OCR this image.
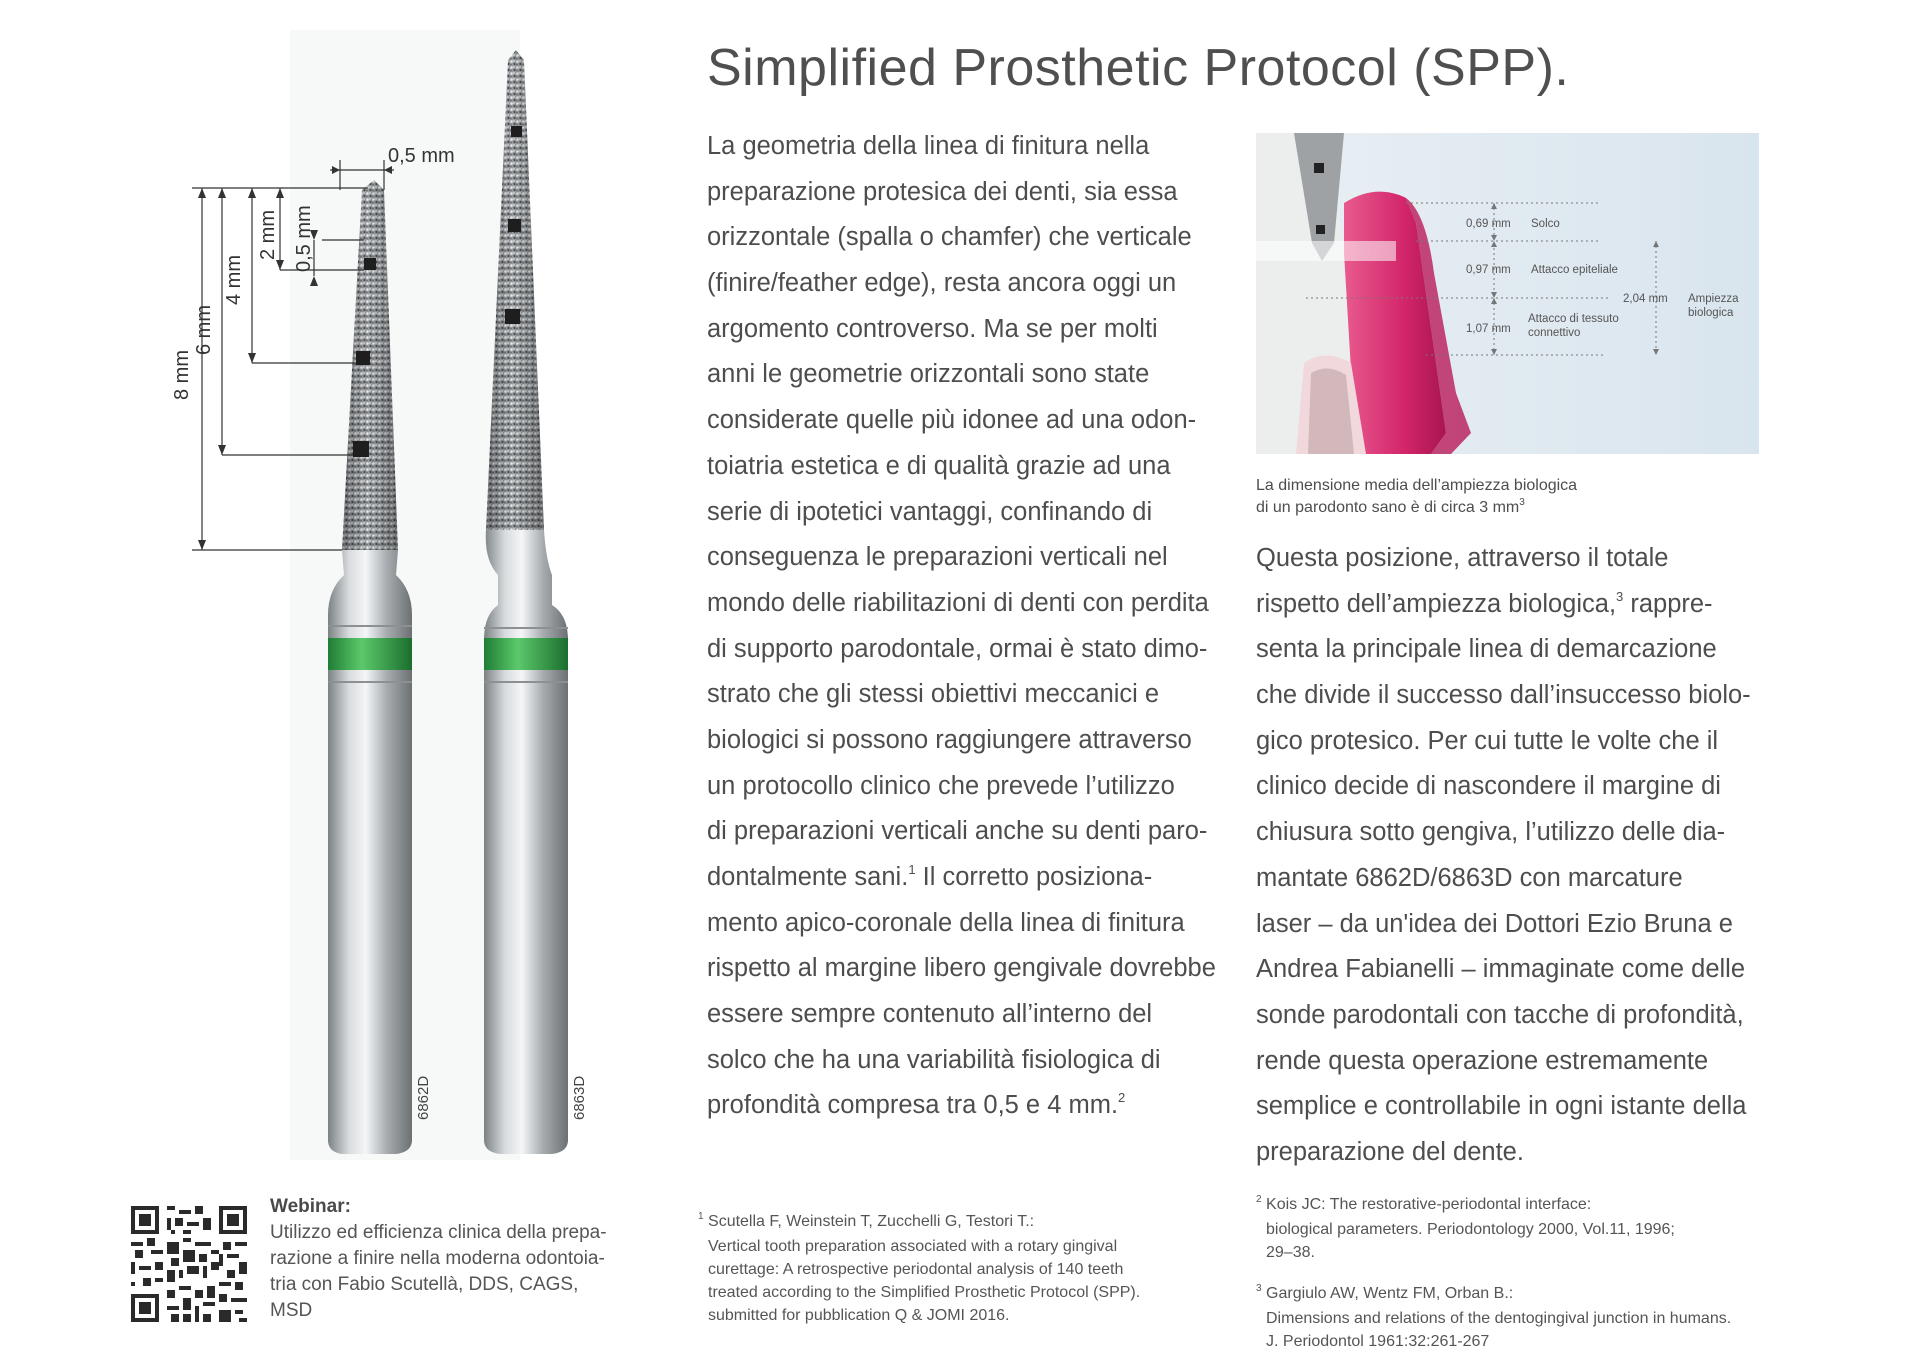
Simplified Prosthetic Protocol (SPP).
6862D	6863D
8 mm
6 mm
4 mm
2 mm 0,5 mm
0,5 mm	La geometria della linea di finitura nella
preparazione protesica dei denti, sia essa
orizzontale (spalla o chamfer) che verticale
(finire/feather edge), resta ancora oggi un
argomento controverso. Ma se per molti
anni le geometrie orizzontali sono state
considerate quelle più idonee ad una odon-
toiatria estetica e di qualità grazie ad una
serie di ipotetici vantaggi, confinando di
conseguenza le preparazioni verticali nel
mondo delle riabilitazioni di denti con perdita
di supporto parodontale, ormai è stato dimo-
strato che gli stessi obiettivi meccanici e
biologici si possono raggiungere attraverso
un protocollo clinico che prevede l’utilizzo
di preparazioni verticali anche su denti paro-
dontalmente sani.$^1$ Il corretto posiziona-
mento apico-coronale della linea di finitura
rispetto al margine libero gengivale dovrebbe
essere sempre contenuto all’interno del
solco che ha una variabilità fisiologica di
profondità compresa tra 0,5 e 4 mm.$^2$
0,69 mm Solco
0,97 mm Attacco epiteliale
1,07 mm
Attacco di tessuto
connettivo
2,04 mm Ampiezza
biologica
La dimensione media dell’ampiezza biologica
di un parodonto sano è di circa 3 mm$^3$
Questa posizione, attraverso il totale
rispetto dell’ampiezza biologica,$^3$ rappre-
senta la principale linea di demarcazione
che divide il successo dall’insuccesso biolo-
gico protesico. Per cui tutte le volte che il
clinico decide di nascondere il margine di
chiusura sotto gengiva, l’utilizzo delle dia-
mantate 6862D/6863D con marcature
laser – da un'idea dei Dottori Ezio Bruna e
Andrea Fabianelli – immaginate come delle
sonde parodontali con tacche di profondità,
rende questa operazione estremamente
semplice e controllabile in ogni istante della
preparazione del dente.
Webinar:
Utilizzo ed efficienza clinica della prepa-
razione a finire nella moderna odontoia-
tria con Fabio Scutellà, DDS, CAGS,
MSD
$^1$ Scutella F, Weinstein T, Zucchelli G, Testori T.:
Vertical tooth preparation associated with a rotary gingival
curettage: A retrospective periodontal analysis of 140 teeth
treated according to the Simplified Prosthetic Protocol (SPP).
submitted for pubblication Q & JOMI 2016.
$^2$ Kois JC: The restorative-periodontal interface:
biological parameters. Periodontology 2000, Vol.11, 1996;
29–38.
$^3$ Gargiulo AW, Wentz FM, Orban B.:
Dimensions and relations of the dentogingival junction in humans.
J. Periodontol 1961:32:261-267
